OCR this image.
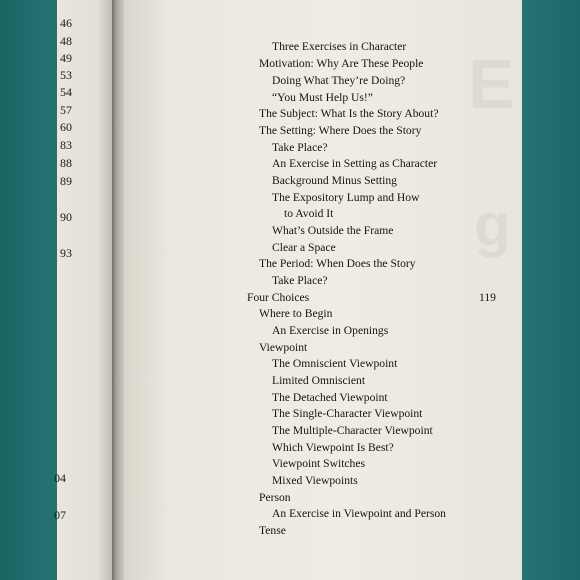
46
48
49
53
54
57
60
83
88
89
90
93
04
07
E
g
Three Exercises in Character
Motivation: Why Are These People
Doing What They’re Doing?
“You Must Help Us!”
The Subject: What Is the Story About?
The Setting: Where Does the Story
Take Place?
An Exercise in Setting as Character
Background Minus Setting
The Expository Lump and How
to Avoid It
What’s Outside the Frame
Clear a Space
The Period: When Does the Story
Take Place?
Four Choices	119
Where to Begin
An Exercise in Openings
Viewpoint
The Omniscient Viewpoint
Limited Omniscient
The Detached Viewpoint
The Single-Character Viewpoint
The Multiple-Character Viewpoint
Which Viewpoint Is Best?
Viewpoint Switches
Mixed Viewpoints
Person
An Exercise in Viewpoint and Person
Tense
